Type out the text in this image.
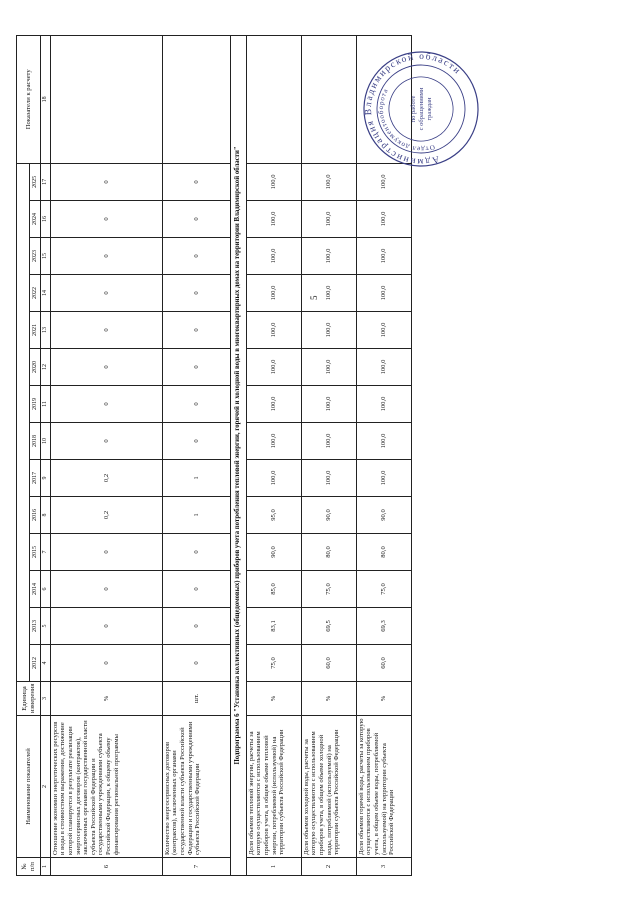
№ п/п	Наименование показателей	Единица измерения															Показатели к расчету
			2012	2013	2014	2015	2016	2017	2018	2019	2020	2021	2022	2023	2024	2025	
1	2	3	4	5	6	7	8	9	10	11	12	13	14	15	16	17	18
6	Отношение экономии энергетических ресурсов и воды в стоимостном выражении, достижение которой планируется в результате реализации энергосервисных договоров (контрактов), заключенных органами государственной власти субъекта Российской Федерации и государственными учреждениями субъекта Российской Федерации, к общему объему финансирования региональной программы	%	0	0	0	0	0,2	0,2	0	0	0	0	0	0	0	0	
7	Количество энергосервисных договоров (контрактов), заключенных органами государственной власти субъекта Российской Федерации и государственными учреждениями субъекта Российской Федерации	шт.	0	0	0	0	1	1	0	0	0	0	0	0	0	0	
Подпрограмма 6 "Установка коллективных (общедомовых) приборов учета потребления тепловой энергии, горячей и холодной воды в многоквартирных домах на территории Владимирской области"																	
1	Доля объемов тепловой энергии, расчеты за которую осуществляются с использованием приборов учета, в общем объеме тепловой энергии, потребляемой (используемой) на территории субъекта Российской Федерации	%	75,0	83,1	85,0	90,0	95,0	100,0	100,0	100,0	100,0	100,0	100,0	100,0	100,0	100,0	
2	Доля объемов холодной воды, расчеты за которую осуществляются с использованием приборов учета, в общем объеме холодной воды, потребляемой (используемой) на территории субъекта Российской Федерации	%	60,0	69,5	75,0	80,0	90,0	100,0	100,0	100,0	100,0	100,0	100,0	100,0	100,0	100,0	
3	Доля объемов горячей воды, расчеты за которую осуществляются с использованием приборов учета, в общем объеме воды, потребляемой (используемой) на территории субъекта Российской Федерации	%	60,0	69,3	75,0	80,0	90,0	100,0	100,0	100,0	100,0	100,0	100,0	100,0	100,0	100,0	
5
Администрация Владимирской области
Отдел документооборота
по работе с обращениями граждан
